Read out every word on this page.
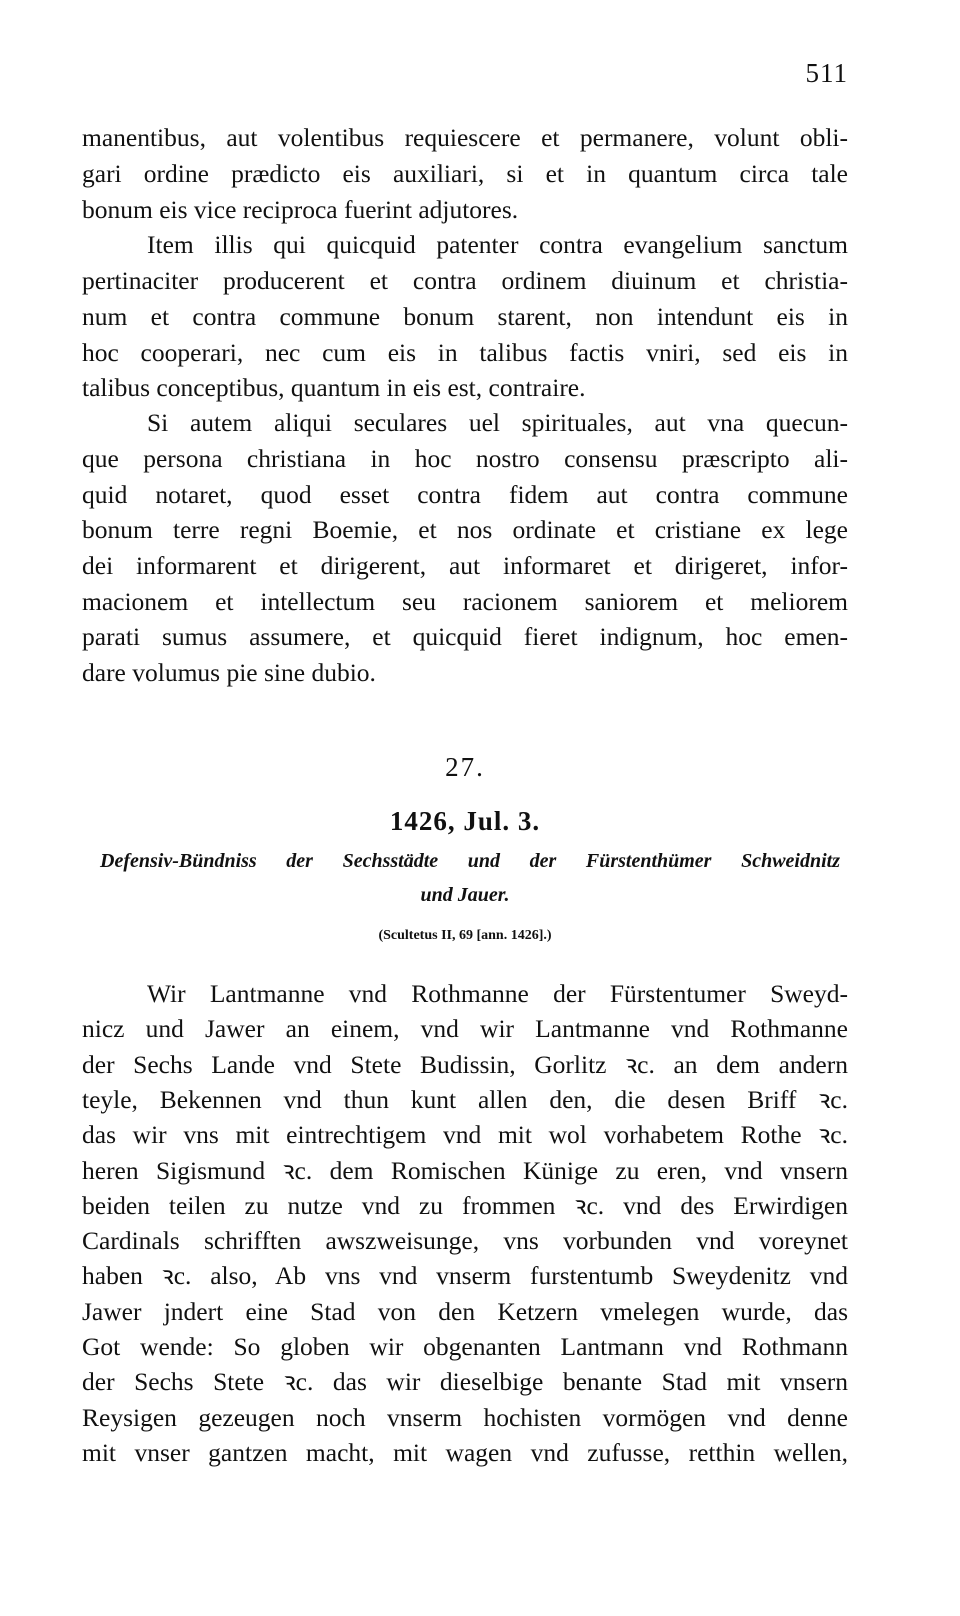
511
manentibus, aut volentibus requiescere et permanere, volunt obli-
gari ordine prædicto eis auxiliari, si et in quantum circa tale
bonum eis vice reciproca fuerint adjutores.
Item illis qui quicquid patenter contra evangelium sanctum
pertinaciter producerent et contra ordinem diuinum et christia-
num et contra commune bonum starent, non intendunt eis in
hoc cooperari, nec cum eis in talibus factis vniri, sed eis in
talibus conceptibus, quantum in eis est, contraire.
Si autem aliqui seculares uel spirituales, aut vna quecun-
que persona christiana in hoc nostro consensu præscripto ali-
quid notaret, quod esset contra fidem aut contra commune
bonum terre regni Boemie, et nos ordinate et cristiane ex lege
dei informarent et dirigerent, aut informaret et dirigeret, infor-
macionem et intellectum seu racionem saniorem et meliorem
parati sumus assumere, et quicquid fieret indignum, hoc emen-
dare volumus pie sine dubio.
27.
1426, Jul. 3.
Defensiv-Bündniss der Sechsstädte und der Fürstenthümer Schweidnitz
und Jauer.
(Scultetus II, 69 [ann. 1426].)
Wir Lantmanne vnd Rothmanne der Fürstentumer Sweyd-
nicz und Jawer an einem, vnd wir Lantmanne vnd Rothmanne
der Sechs Lande vnd Stete Budissin, Gorlitz ꝛc. an dem andern
teyle, Bekennen vnd thun kunt allen den, die desen Briff ꝛc.
das wir vns mit eintrechtigem vnd mit wol vorhabetem Rothe ꝛc.
heren Sigismund ꝛc. dem Romischen Künige zu eren, vnd vnsern
beiden teilen zu nutze vnd zu frommen ꝛc. vnd des Erwirdigen
Cardinals schrifften awszweisunge, vns vorbunden vnd voreynet
haben ꝛc. also, Ab vns vnd vnserm furstentumb Sweydenitz vnd
Jawer jndert eine Stad von den Ketzern vmelegen wurde, das
Got wende: So globen wir obgenanten Lantmann vnd Rothmann
der Sechs Stete ꝛc. das wir dieselbige benante Stad mit vnsern
Reysigen gezeugen noch vnserm hochisten vormögen vnd denne
mit vnser gantzen macht, mit wagen vnd zufusse, retthin wellen,
